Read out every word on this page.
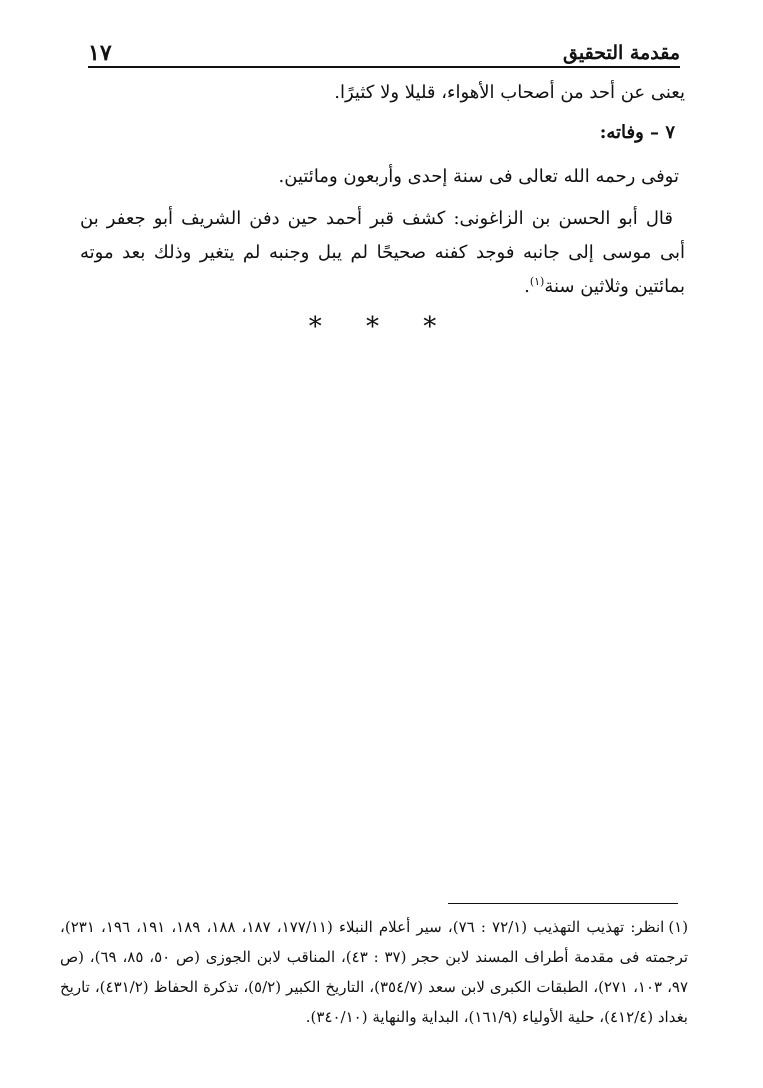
مقدمة التحقيق
١٧

يعنى عن أحد من أصحاب الأهواء، قليلا ولا كثيرًا.

٧ – وفاته:

توفى رحمه الله تعالى فى سنة إحدى وأربعون ومائتين.

قال أبو الحسن بن الزاغونى: كشف قبر أحمد حين دفن الشريف أبو جعفر بن أبى موسى إلى جانبه فوجد كفنه صحيحًا لم يبل وجنبه لم يتغير وذلك بعد موته بمائتين وثلاثين سنة$^{(١)}$.

* * *

(١)انظر: تهذيب التهذيب (٧٢/١ : ٧٦)، سير أعلام النبلاء (١٧٧/١١، ١٨٧، ١٨٨، ١٨٩، ١٩١، ١٩٦، ٢٣١)، ترجمته فى مقدمة أطراف المسند لابن حجر (٣٧ : ٤٣)، المناقب لابن الجوزى (ص ٥٠، ٨٥، ٦٩)، (ص ٩٧، ١٠٣، ٢٧١)، الطبقات الكبرى لابن سعد (٣٥٤/٧)، التاريخ الكبير (٥/٢)، تذكرة الحفاظ (٤٣١/٢)، تاريخ بغداد (٤١٢/٤)، حلية الأولياء (١٦١/٩)، البداية والنهاية (٣٤٠/١٠).
